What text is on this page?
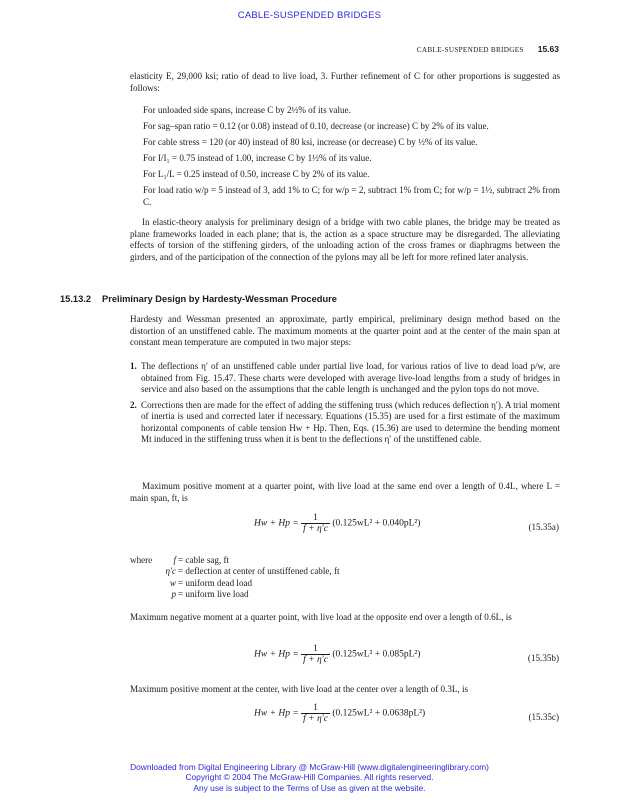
CABLE-SUSPENDED BRIDGES
CABLE-SUSPENDED BRIDGES 15.63
elasticity E, 29,000 ksi; ratio of dead to live load, 3. Further refinement of C for other proportions is suggested as follows:
For unloaded side spans, increase C by 2½% of its value.
For sag–span ratio = 0.12 (or 0.08) instead of 0.10, decrease (or increase) C by 2% of its value.
For cable stress = 120 (or 40) instead of 80 ksi, increase (or decrease) C by ½% of its value.
For I/I₁ = 0.75 instead of 1.00, increase C by 1½% of its value.
For L₁/L = 0.25 instead of 0.50, increase C by 2% of its value.
For load ratio w/p = 5 instead of 3, add 1% to C; for w/p = 2, subtract 1% from C; for w/p = 1½, subtract 2% from C.
In elastic-theory analysis for preliminary design of a bridge with two cable planes, the bridge may be treated as plane frameworks loaded in each plane; that is, the action as a space structure may be disregarded. The alleviating effects of torsion of the stiffening girders, of the unloading action of the cross frames or diaphragms between the girders, and of the participation of the connection of the pylons may all be left for more refined later analysis.
15.13.2 Preliminary Design by Hardesty-Wessman Procedure
Hardesty and Wessman presented an approximate, partly empirical, preliminary design method based on the distortion of an unstiffened cable. The maximum moments at the quarter point and at the center of the main span at constant mean temperature are computed in two major steps:
1. The deflections η′ of an unstiffened cable under partial live load, for various ratios of live to dead load p/w, are obtained from Fig. 15.47. These charts were developed with average live-load lengths from a study of bridges in service and also based on the assumptions that the cable length is unchanged and the pylon tops do not move.
2. Corrections then are made for the effect of adding the stiffening truss (which reduces deflection η′). A trial moment of inertia is used and corrected later if necessary. Equations (15.35) are used for a first estimate of the maximum horizontal components of cable tension Hw + Hp. Then, Eqs. (15.36) are used to determine the bending moment Mt induced in the stiffening truss when it is bent to the deflections η′ of the unstiffened cable.
Maximum positive moment at a quarter point, with live load at the same end over a length of 0.4L, where L = main span, ft, is
$Hw + Hp = \frac{1}{f + \eta'c} (0.125wL^2 + 0.040pL^2)$	(15.35a)
where	f = cable sag, ft
η′c = deflection at center of unstiffened cable, ft
w = uniform dead load
p = uniform live load
Maximum negative moment at a quarter point, with live load at the opposite end over a length of 0.6L, is
$Hw + Hp = \frac{1}{f + \eta'c} (0.125wL^2 + 0.085pL^2)$	(15.35b)
Maximum positive moment at the center, with live load at the center over a length of 0.3L, is
$Hw + Hp = \frac{1}{f + \eta'c} (0.125wL^2 + 0.0638pL^2)$	(15.35c)
Downloaded from Digital Engineering Library @ McGraw-Hill (www.digitalengineeringlibrary.com)
Copyright © 2004 The McGraw-Hill Companies. All rights reserved.
Any use is subject to the Terms of Use as given at the website.
